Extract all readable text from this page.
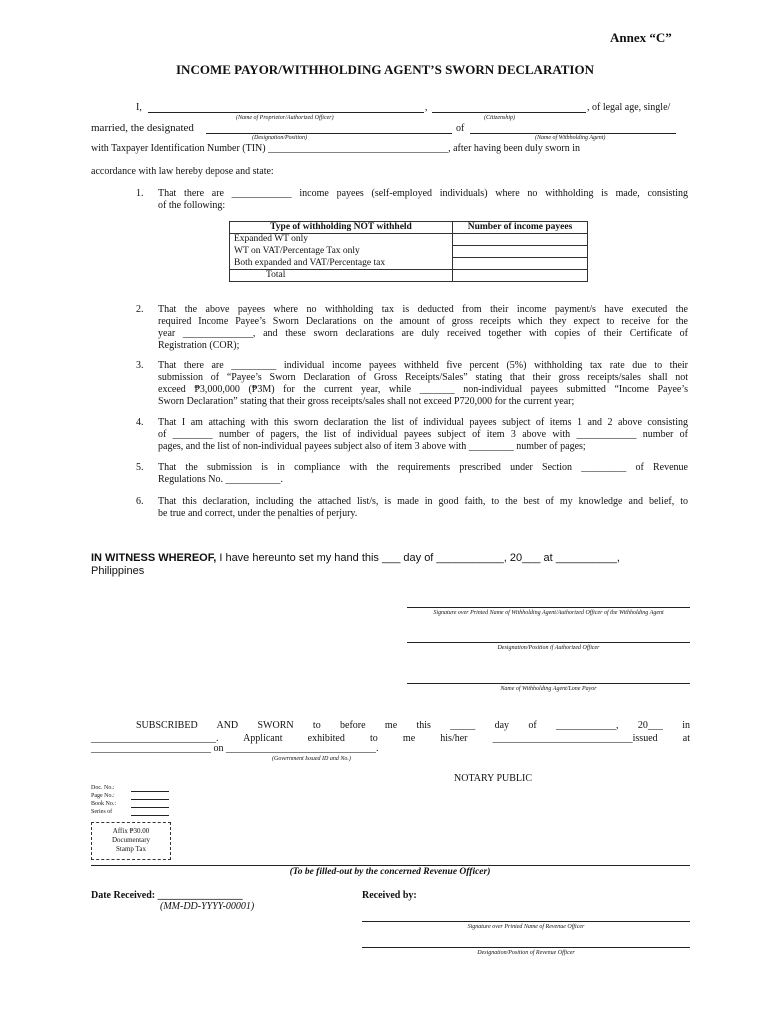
Annex “C”
INCOME PAYOR/WITHHOLDING AGENT’S SWORN DECLARATION
I,	,	, of legal age, single/
(Name of Proprietor/Authorized Officer)	(Citizenship)
married, the designated	of
(Designation/Position)	(Name of Withholding Agent)
with Taxpayer Identification Number (TIN) ____________________________________, after having been duly sworn in
accordance with law hereby depose and state:
1. That there are ____________ income payees (self-employed individuals) where no withholding is made, consisting
of the following:
Type of withholding NOT withheld	Number of income payees
Expanded WT only	
WT on VAT/Percentage Tax only	
Both expanded and VAT/Percentage tax	
Total	
2. That the above payees where no withholding tax is deducted from their income payment/s have executed the
required Income Payee’s Sworn Declarations on the amount of gross receipts which they expect to receive for the
year ______________, and these sworn declarations are duly received together with copies of their Certificate of
Registration (COR);
3. That there are _________ individual income payees withheld five percent (5%) withholding tax rate due to their
submission of “Payee’s Sworn Declaration of Gross Receipts/Sales” stating that their gross receipts/sales shall not
exceed ₱3,000,000 (₱3M) for the current year, while _______ non-individual payees submitted “Income Payee’s
Sworn Declaration” stating that their gross receipts/sales shall not exceed P720,000 for the current year;
4. That I am attaching with this sworn declaration the list of individual payees subject of items 1 and 2 above consisting
of ________ number of pagers, the list of individual payees subject of item 3 above with ____________ number of
pages, and the list of non-individual payees subject also of item 3 above with _________ number of pages;
5. That the submission is in compliance with the requirements prescribed under Section _________ of Revenue
Regulations No. ___________.
6. That this declaration, including the attached list/s, is made in good faith, to the best of my knowledge and belief, to
be true and correct, under the penalties of perjury.
IN WITNESS WHEREOF, I have hereunto set my hand this ___ day of ___________, 20___ at __________,
Philippines
Signature over Printed Name of Withholding Agent/Authorized Officer of the Withholding Agent
Designation/Position if Authorized Officer
Name of Withholding Agent/Lone Payor
SUBSCRIBED AND SWORN to before me this _____ day of ____________, 20___ in
_________________________. Applicant exhibited to me his/her ____________________________issued at
________________________ on ______________________________.
(Government Issued ID and No.)
NOTARY PUBLIC
Doc. No.:
Page No.:
Book No.:
Series of
Affix ₱30.00
Documentary
Stamp Tax
(To be filled-out by the concerned Revenue Officer)
Date Received: _________________
(MM-DD-YYYY-00001)
Received by:
Signature over Printed Name of Revenue Officer
Designation/Position of Revenue Officer
